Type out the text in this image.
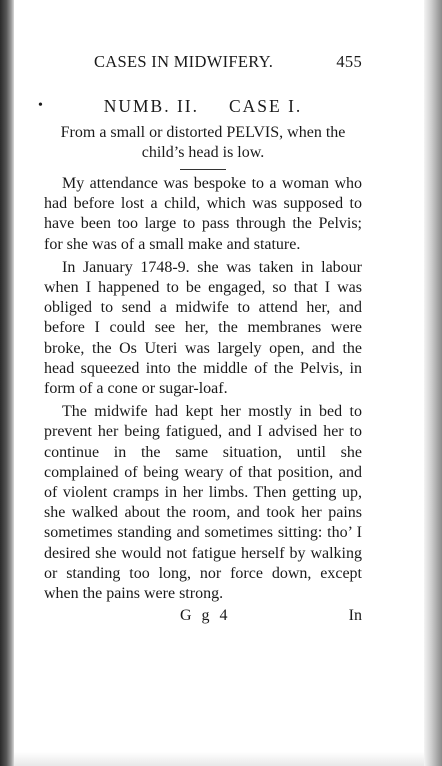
CASES IN MIDWIFERY.	455
•	NUMB. II. CASE I.
From a small or distorted PELVIS, when the child’s head is low.

My attendance was bespoke to a woman who had before lost a child, which was supposed to have been too large to pass through the Pelvis; for she was of a small make and stature.

In January 1748-9. she was taken in labour when I happened to be engaged, so that I was obliged to send a midwife to attend her, and before I could see her, the membranes were broke, the Os Uteri was largely open, and the head squeezed into the middle of the Pelvis, in form of a cone or sugar-loaf.

The midwife had kept her mostly in bed to prevent her being fatigued, and I advised her to continue in the same situation, until she complained of being weary of that position, and of violent cramps in her limbs. Then getting up, she walked about the room, and took her pains sometimes standing and sometimes sitting: tho’ I desired she would not fatigue herself by walking or standing too long, nor force down, except when the pains were strong.

G g 4	In
